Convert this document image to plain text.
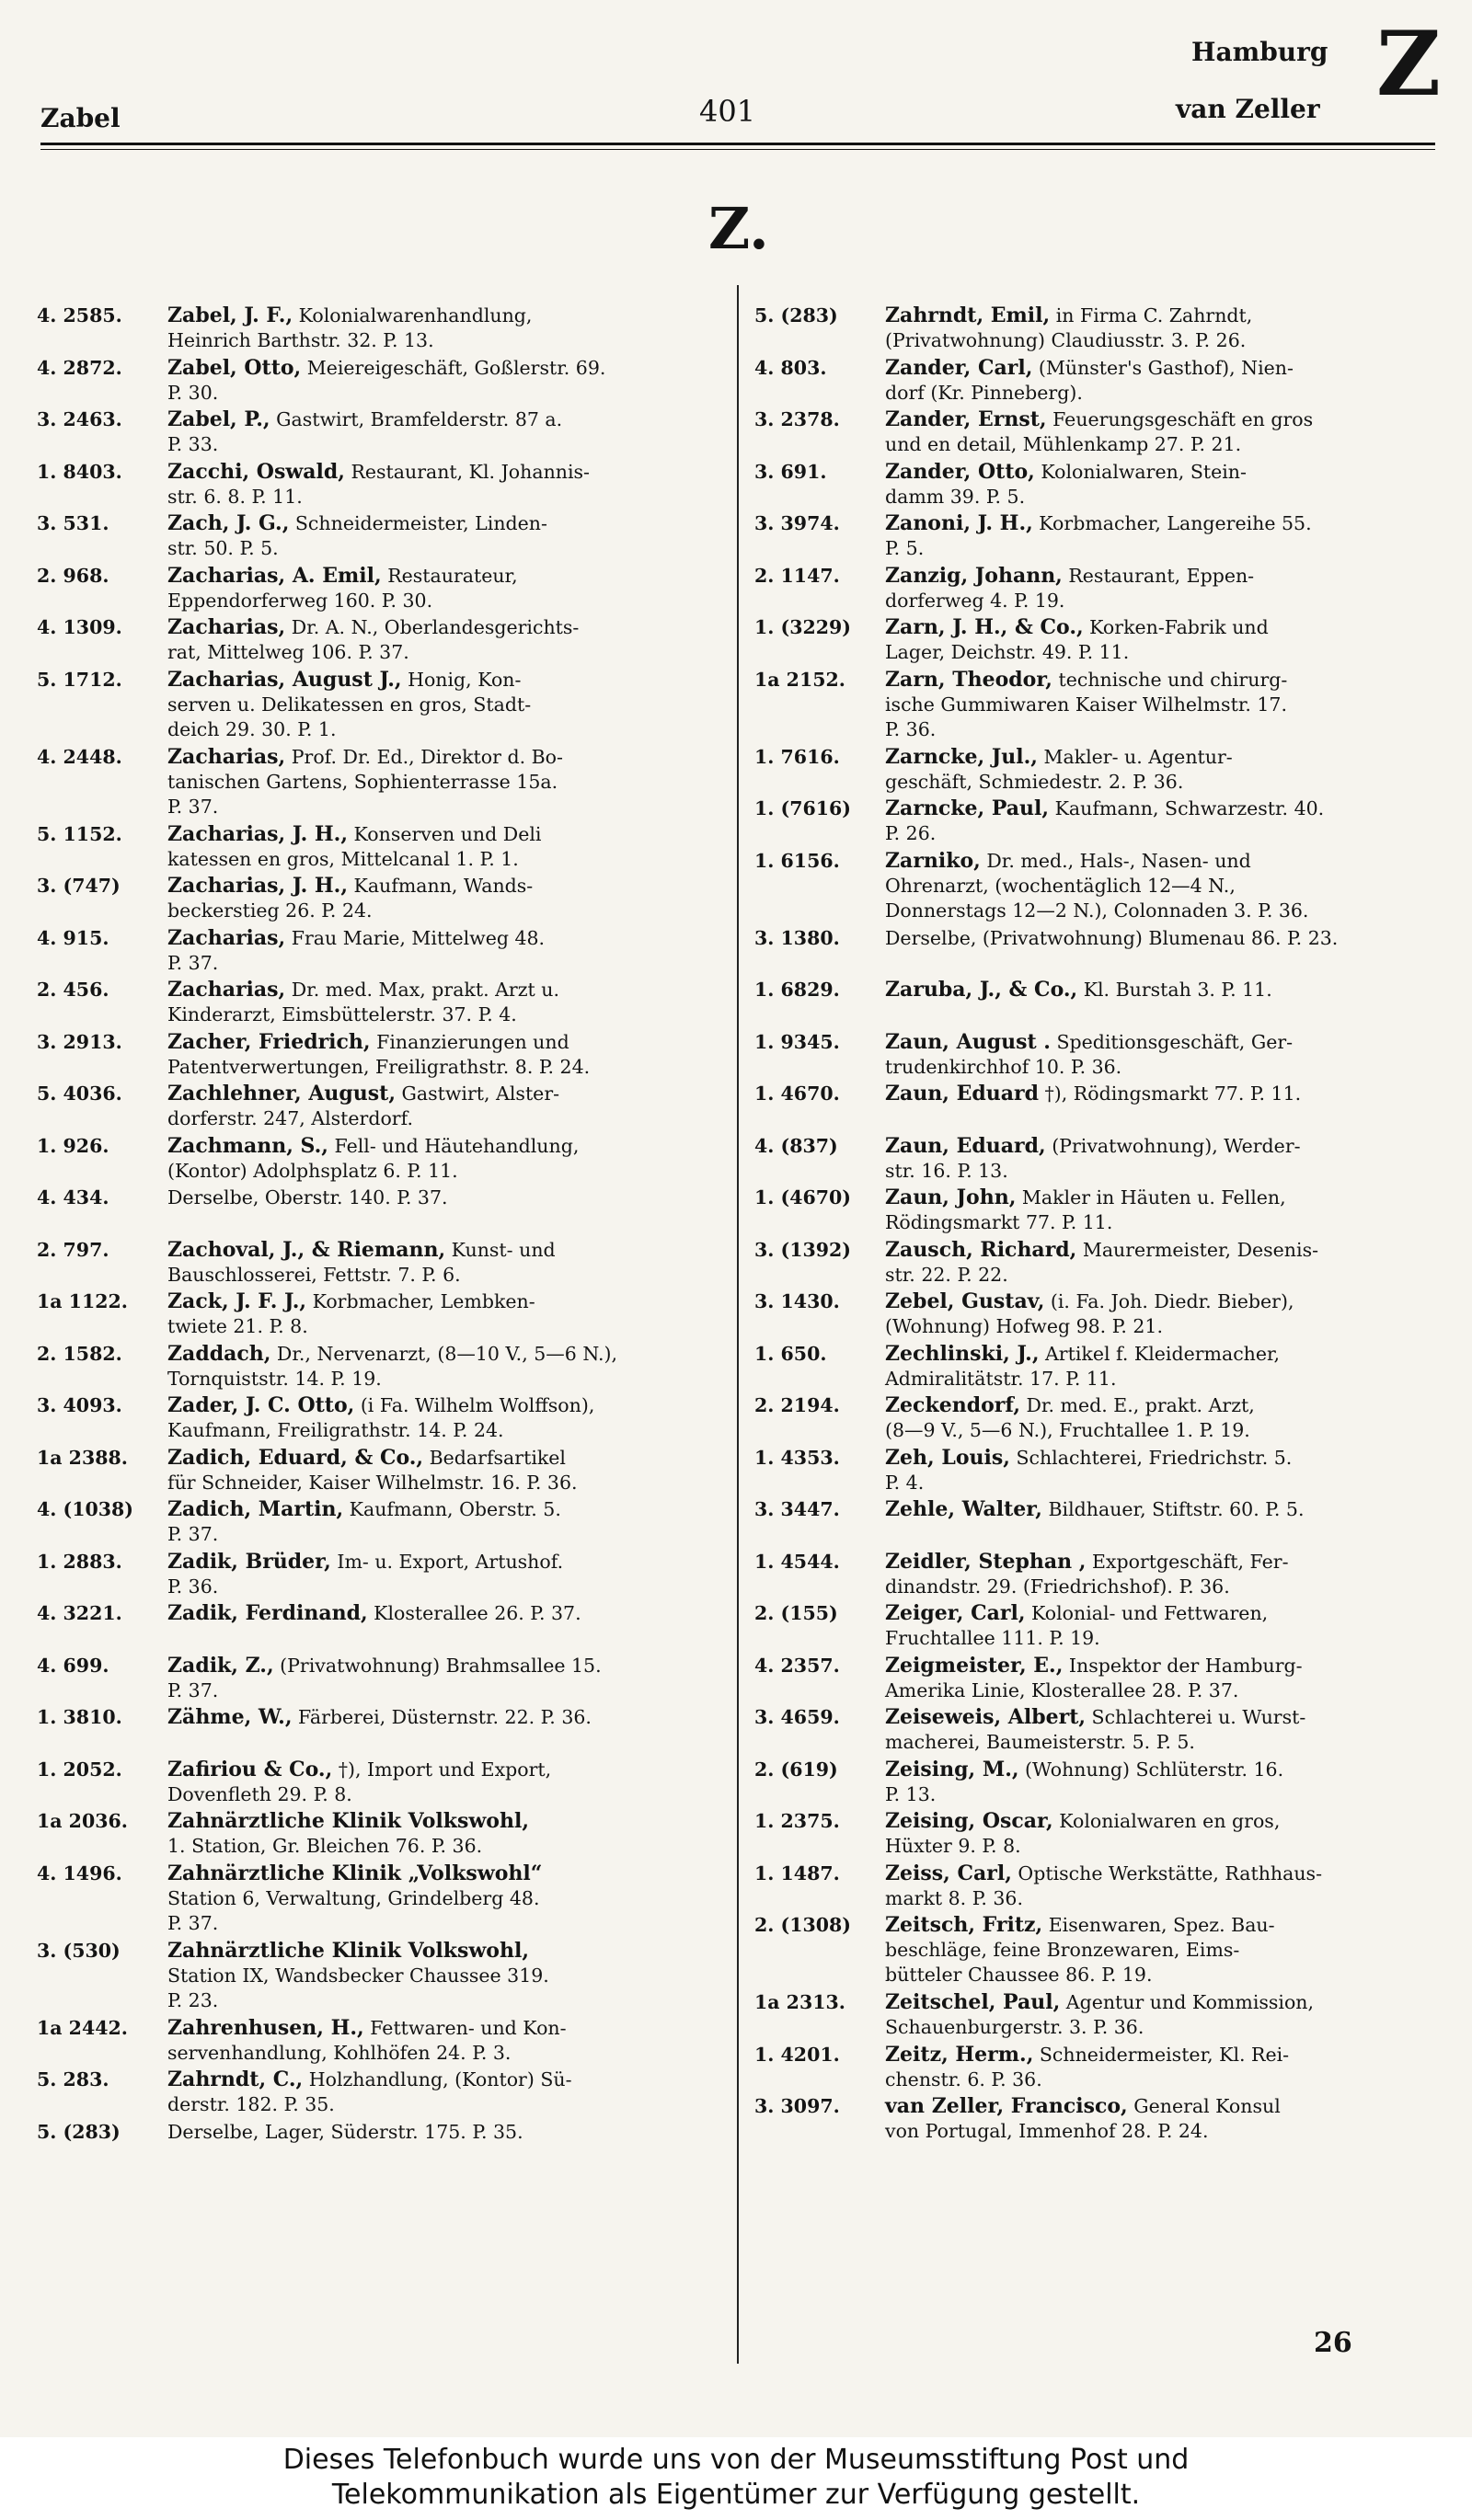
Zabel	401
Hamburg
van Zeller Z
Z.
4. 2585.	Zabel, J. F., Kolonialwarenhandlung,
Heinrich Barthstr. 32. P. 13.
4. 2872.	Zabel, Otto, Meiereigeschäft, Goßlerstr. 69.
P. 30.
3. 2463.	Zabel, P., Gastwirt, Bramfelderstr. 87 a.
P. 33.
1. 8403.	Zacchi, Oswald, Restaurant, Kl. Johannis-
str. 6. 8. P. 11.
3. 531.	Zach, J. G., Schneidermeister, Linden-
str. 50. P. 5.
2. 968.	Zacharias, A. Emil, Restaurateur,
Eppendorferweg 160. P. 30.
4. 1309.	Zacharias, Dr. A. N., Oberlandesgerichts-
rat, Mittelweg 106. P. 37.
5. 1712.	Zacharias, August J., Honig, Kon-
serven u. Delikatessen en gros, Stadt-
deich 29. 30. P. 1.
4. 2448.	Zacharias, Prof. Dr. Ed., Direktor d. Bo-
tanischen Gartens, Sophienterrasse 15a.
P. 37.
5. 1152.	Zacharias, J. H., Konserven und Deli
katessen en gros, Mittelcanal 1. P. 1.
3. (747)	Zacharias, J. H., Kaufmann, Wands-
beckerstieg 26. P. 24.
4. 915.	Zacharias, Frau Marie, Mittelweg 48.
P. 37.
2. 456.	Zacharias, Dr. med. Max, prakt. Arzt u.
Kinderarzt, Eimsbüttelerstr. 37. P. 4.
3. 2913.	Zacher, Friedrich, Finanzierungen und
Patentverwertungen, Freiligrathstr. 8. P. 24.
5. 4036.	Zachlehner, August, Gastwirt, Alster-
dorferstr. 247, Alsterdorf.
1. 926.	Zachmann, S., Fell- und Häutehandlung,
(Kontor) Adolphsplatz 6. P. 11.
4. 434.	Derselbe, Oberstr. 140. P. 37.
2. 797.	Zachoval, J., & Riemann, Kunst- und
Bauschlosserei, Fettstr. 7. P. 6.
1a 1122.	Zack, J. F. J., Korbmacher, Lembken-
twiete 21. P. 8.
2. 1582.	Zaddach, Dr., Nervenarzt, (8—10 V., 5—6 N.),
Tornquiststr. 14. P. 19.
3. 4093.	Zader, J. C. Otto, (i Fa. Wilhelm Wolffson),
Kaufmann, Freiligrathstr. 14. P. 24.
1a 2388.	Zadich, Eduard, & Co., Bedarfsartikel
für Schneider, Kaiser Wilhelmstr. 16. P. 36.
4. (1038)	Zadich, Martin, Kaufmann, Oberstr. 5.
P. 37.
1. 2883.	Zadik, Brüder, Im- u. Export, Artushof.
P. 36.
4. 3221.	Zadik, Ferdinand, Klosterallee 26. P. 37.
4. 699.	Zadik, Z., (Privatwohnung) Brahmsallee 15.
P. 37.
1. 3810.	Zähme, W., Färberei, Düsternstr. 22. P. 36.
1. 2052.	Zafiriou & Co., †), Import und Export,
Dovenfleth 29. P. 8.
1a 2036.	Zahnärztliche Klinik Volkswohl,
1. Station, Gr. Bleichen 76. P. 36.
4. 1496.	Zahnärztliche Klinik „Volkswohl“
Station 6, Verwaltung, Grindelberg 48.
P. 37.
3. (530)	Zahnärztliche Klinik Volkswohl,
Station IX, Wandsbecker Chaussee 319.
P. 23.
1a 2442.	Zahrenhusen, H., Fettwaren- und Kon-
servenhandlung, Kohlhöfen 24. P. 3.
5. 283.	Zahrndt, C., Holzhandlung, (Kontor) Sü-
derstr. 182. P. 35.
5. (283)	Derselbe, Lager, Süderstr. 175. P. 35.
5. (283)	Zahrndt, Emil, in Firma C. Zahrndt,
(Privatwohnung) Claudiusstr. 3. P. 26.
4. 803.	Zander, Carl, (Münster's Gasthof), Nien-
dorf (Kr. Pinneberg).
3. 2378.	Zander, Ernst, Feuerungsgeschäft en gros
und en detail, Mühlenkamp 27. P. 21.
3. 691.	Zander, Otto, Kolonialwaren, Stein-
damm 39. P. 5.
3. 3974.	Zanoni, J. H., Korbmacher, Langereihe 55.
P. 5.
2. 1147.	Zanzig, Johann, Restaurant, Eppen-
dorferweg 4. P. 19.
1. (3229)	Zarn, J. H., & Co., Korken-Fabrik und
Lager, Deichstr. 49. P. 11.
1a 2152.	Zarn, Theodor, technische und chirurg-
ische Gummiwaren Kaiser Wilhelmstr. 17.
P. 36.
1. 7616.	Zarncke, Jul., Makler- u. Agentur-
geschäft, Schmiedestr. 2. P. 36.
1. (7616)	Zarncke, Paul, Kaufmann, Schwarzestr. 40.
P. 26.
1. 6156.	Zarniko, Dr. med., Hals-, Nasen- und
Ohrenarzt, (wochentäglich 12—4 N.,
Donnerstags 12—2 N.), Colonnaden 3. P. 36.
3. 1380.	Derselbe, (Privatwohnung) Blumenau 86. P. 23.
1. 6829.	Zaruba, J., & Co., Kl. Burstah 3. P. 11.
1. 9345.	Zaun, August . Speditionsgeschäft, Ger-
trudenkirchhof 10. P. 36.
1. 4670.	Zaun, Eduard †), Rödingsmarkt 77. P. 11.
4. (837)	Zaun, Eduard, (Privatwohnung), Werder-
str. 16. P. 13.
1. (4670)	Zaun, John, Makler in Häuten u. Fellen,
Rödingsmarkt 77. P. 11.
3. (1392)	Zausch, Richard, Maurermeister, Desenis-
str. 22. P. 22.
3. 1430.	Zebel, Gustav, (i. Fa. Joh. Diedr. Bieber),
(Wohnung) Hofweg 98. P. 21.
1. 650.	Zechlinski, J., Artikel f. Kleidermacher,
Admiralitätstr. 17. P. 11.
2. 2194.	Zeckendorf, Dr. med. E., prakt. Arzt,
(8—9 V., 5—6 N.), Fruchtallee 1. P. 19.
1. 4353.	Zeh, Louis, Schlachterei, Friedrichstr. 5.
P. 4.
3. 3447.	Zehle, Walter, Bildhauer, Stiftstr. 60. P. 5.
1. 4544.	Zeidler, Stephan , Exportgeschäft, Fer-
dinandstr. 29. (Friedrichshof). P. 36.
2. (155)	Zeiger, Carl, Kolonial- und Fettwaren,
Fruchtallee 111. P. 19.
4. 2357.	Zeigmeister, E., Inspektor der Hamburg-
Amerika Linie, Klosterallee 28. P. 37.
3. 4659.	Zeiseweis, Albert, Schlachterei u. Wurst-
macherei, Baumeisterstr. 5. P. 5.
2. (619)	Zeising, M., (Wohnung) Schlüterstr. 16.
P. 13.
1. 2375.	Zeising, Oscar, Kolonialwaren en gros,
Hüxter 9. P. 8.
1. 1487.	Zeiss, Carl, Optische Werkstätte, Rathhaus-
markt 8. P. 36.
2. (1308)	Zeitsch, Fritz, Eisenwaren, Spez. Bau-
beschläge, feine Bronzewaren, Eims-
bütteler Chaussee 86. P. 19.
1a 2313.	Zeitschel, Paul, Agentur und Kommission,
Schauenburgerstr. 3. P. 36.
1. 4201.	Zeitz, Herm., Schneidermeister, Kl. Rei-
chenstr. 6. P. 36.
3. 3097.	van Zeller, Francisco, General Konsul
von Portugal, Immenhof 28. P. 24.
26
Dieses Telefonbuch wurde uns von der Museumsstiftung Post und
Telekommunikation als Eigentümer zur Verfügung gestellt.
